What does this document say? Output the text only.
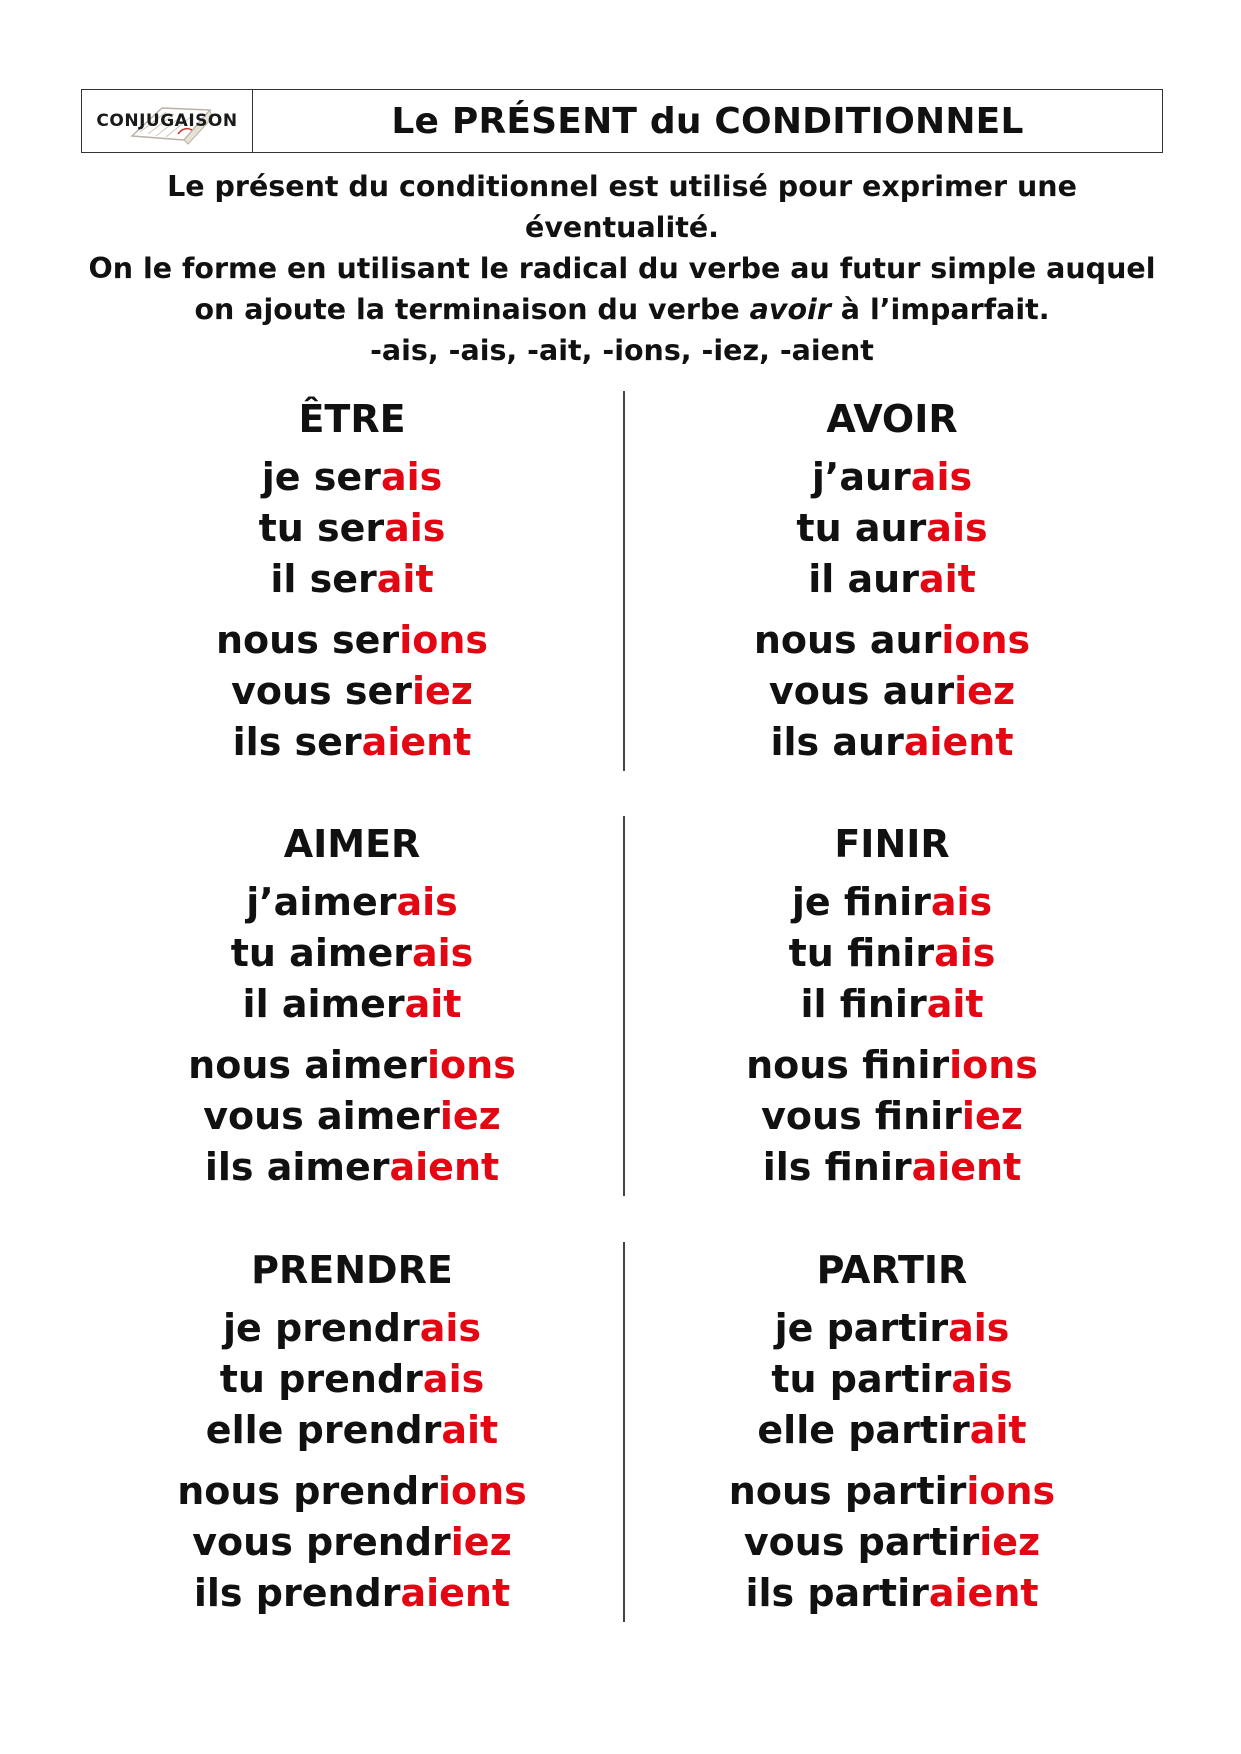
CONJUGAISON	Le PRÉSENT du CONDITIONNEL

Le présent du conditionnel est utilisé pour exprimer une éventualité.

On le forme en utilisant le radical du verbe au futur simple auquel on ajoute la terminaison du verbe avoir à l’imparfait.

-ais, -ais, -ait, -ions, -iez, -aient

ÊTRE
je serais
tu serais
il serait
nous serions
vous seriez
ils seraient
AVOIR
j’aurais
tu aurais
il aurait
nous aurions
vous auriez
ils auraient
AIMER
j’aimerais
tu aimerais
il aimerait
nous aimerions
vous aimeriez
ils aimeraient
FINIR
je finirais
tu finirais
il finirait
nous finirions
vous finiriez
ils finiraient
PRENDRE
je prendrais
tu prendrais
elle prendrait
nous prendrions
vous prendriez
ils prendraient
PARTIR
je partirais
tu partirais
elle partirait
nous partirions
vous partiriez
ils partiraient
